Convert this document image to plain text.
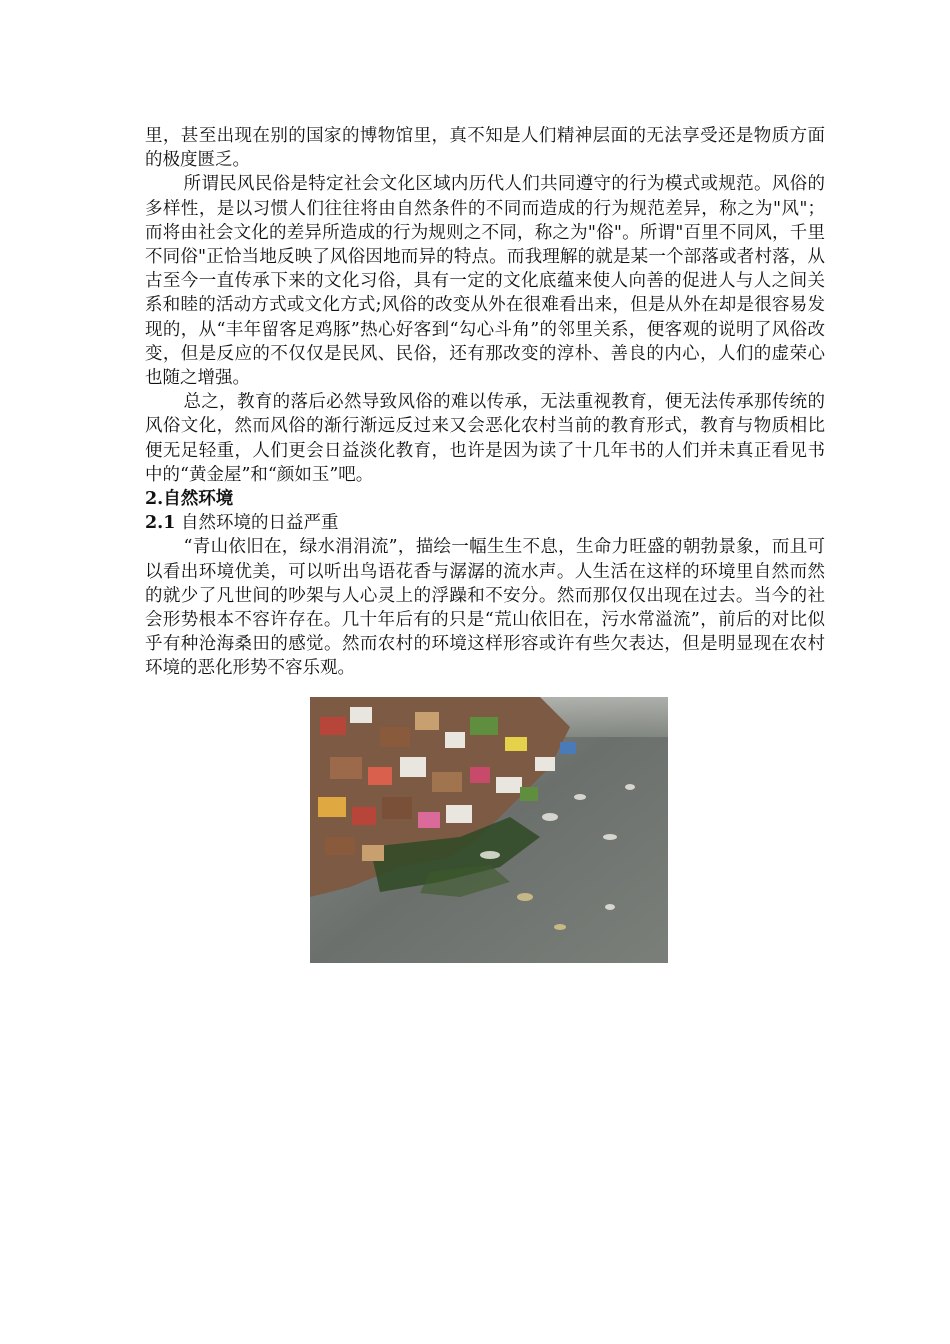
里，甚至出现在别的国家的博物馆里，真不知是人们精神层面的无法享受还是物质方面的极度匮乏。

所谓民风民俗是特定社会文化区域内历代人们共同遵守的行为模式或规范。风俗的多样性，是以习惯人们往往将由自然条件的不同而造成的行为规范差异，称之为"风"；而将由社会文化的差异所造成的行为规则之不同，称之为"俗"。所谓"百里不同风，千里不同俗"正恰当地反映了风俗因地而异的特点。而我理解的就是某一个部落或者村落，从古至今一直传承下来的文化习俗，具有一定的文化底蕴来使人向善的促进人与人之间关系和睦的活动方式或文化方式;风俗的改变从外在很难看出来，但是从外在却是很容易发现的，从“丰年留客足鸡豚”热心好客到“勾心斗角”的邻里关系，便客观的说明了风俗改变，但是反应的不仅仅是民风、民俗，还有那改变的淳朴、善良的内心，人们的虚荣心也随之增强。

总之，教育的落后必然导致风俗的难以传承，无法重视教育，便无法传承那传统的风俗文化，然而风俗的渐行渐远反过来又会恶化农村当前的教育形式，教育与物质相比便无足轻重，人们更会日益淡化教育，也许是因为读了十几年书的人们并未真正看见书中的“黄金屋”和“颜如玉”吧。

2.自然环境

2.1 自然环境的日益严重

“青山依旧在，绿水涓涓流”，描绘一幅生生不息，生命力旺盛的朝勃景象，而且可以看出环境优美，可以听出鸟语花香与潺潺的流水声。人生活在这样的环境里自然而然的就少了凡世间的吵架与人心灵上的浮躁和不安分。然而那仅仅出现在过去。当今的社会形势根本不容许存在。几十年后有的只是“荒山依旧在，污水常溢流”，前后的对比似乎有种沧海桑田的感觉。然而农村的环境这样形容或许有些欠表达，但是明显现在农村环境的恶化形势不容乐观。
